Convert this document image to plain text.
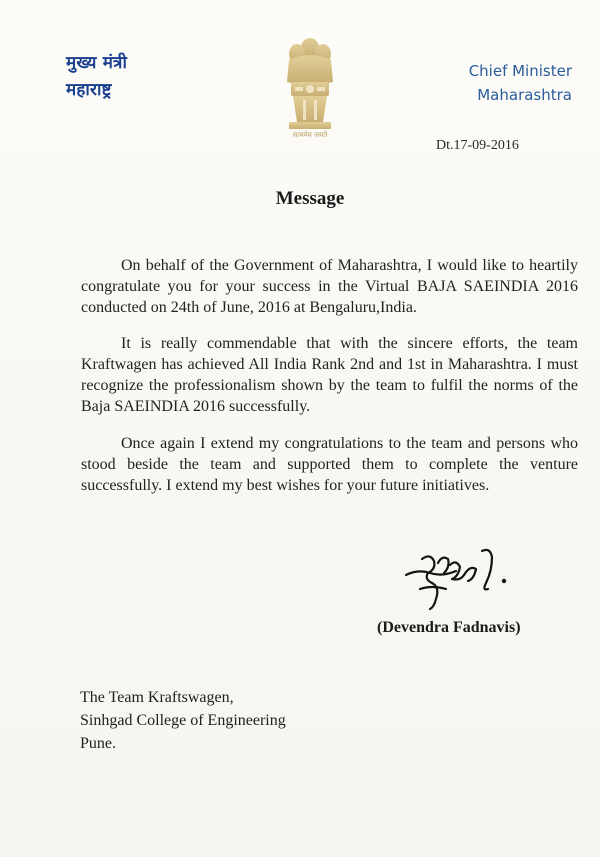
मुख्य मंत्री
महाराष्ट्र
सत्यमेव जयते
Chief Minister
Maharashtra
Dt.17-09-2016
Message

On behalf of the Government of Maharashtra, I would like to heartily congratulate you for your success in the Virtual BAJA SAEINDIA 2016 conducted on 24th of June, 2016 at Bengaluru,India.

It is really commendable that with the sincere efforts, the team Kraftwagen has achieved All India Rank 2nd and 1st in Maharashtra. I must recognize the professionalism shown by the team to fulfil the norms of the Baja SAEINDIA 2016 successfully.

Once again I extend my congratulations to the team and persons who stood beside the team and supported them to complete the venture successfully. I extend my best wishes for your future initiatives.

(Devendra Fadnavis)
The Team Kraftswagen,
Sinhgad College of Engineering
Pune.
